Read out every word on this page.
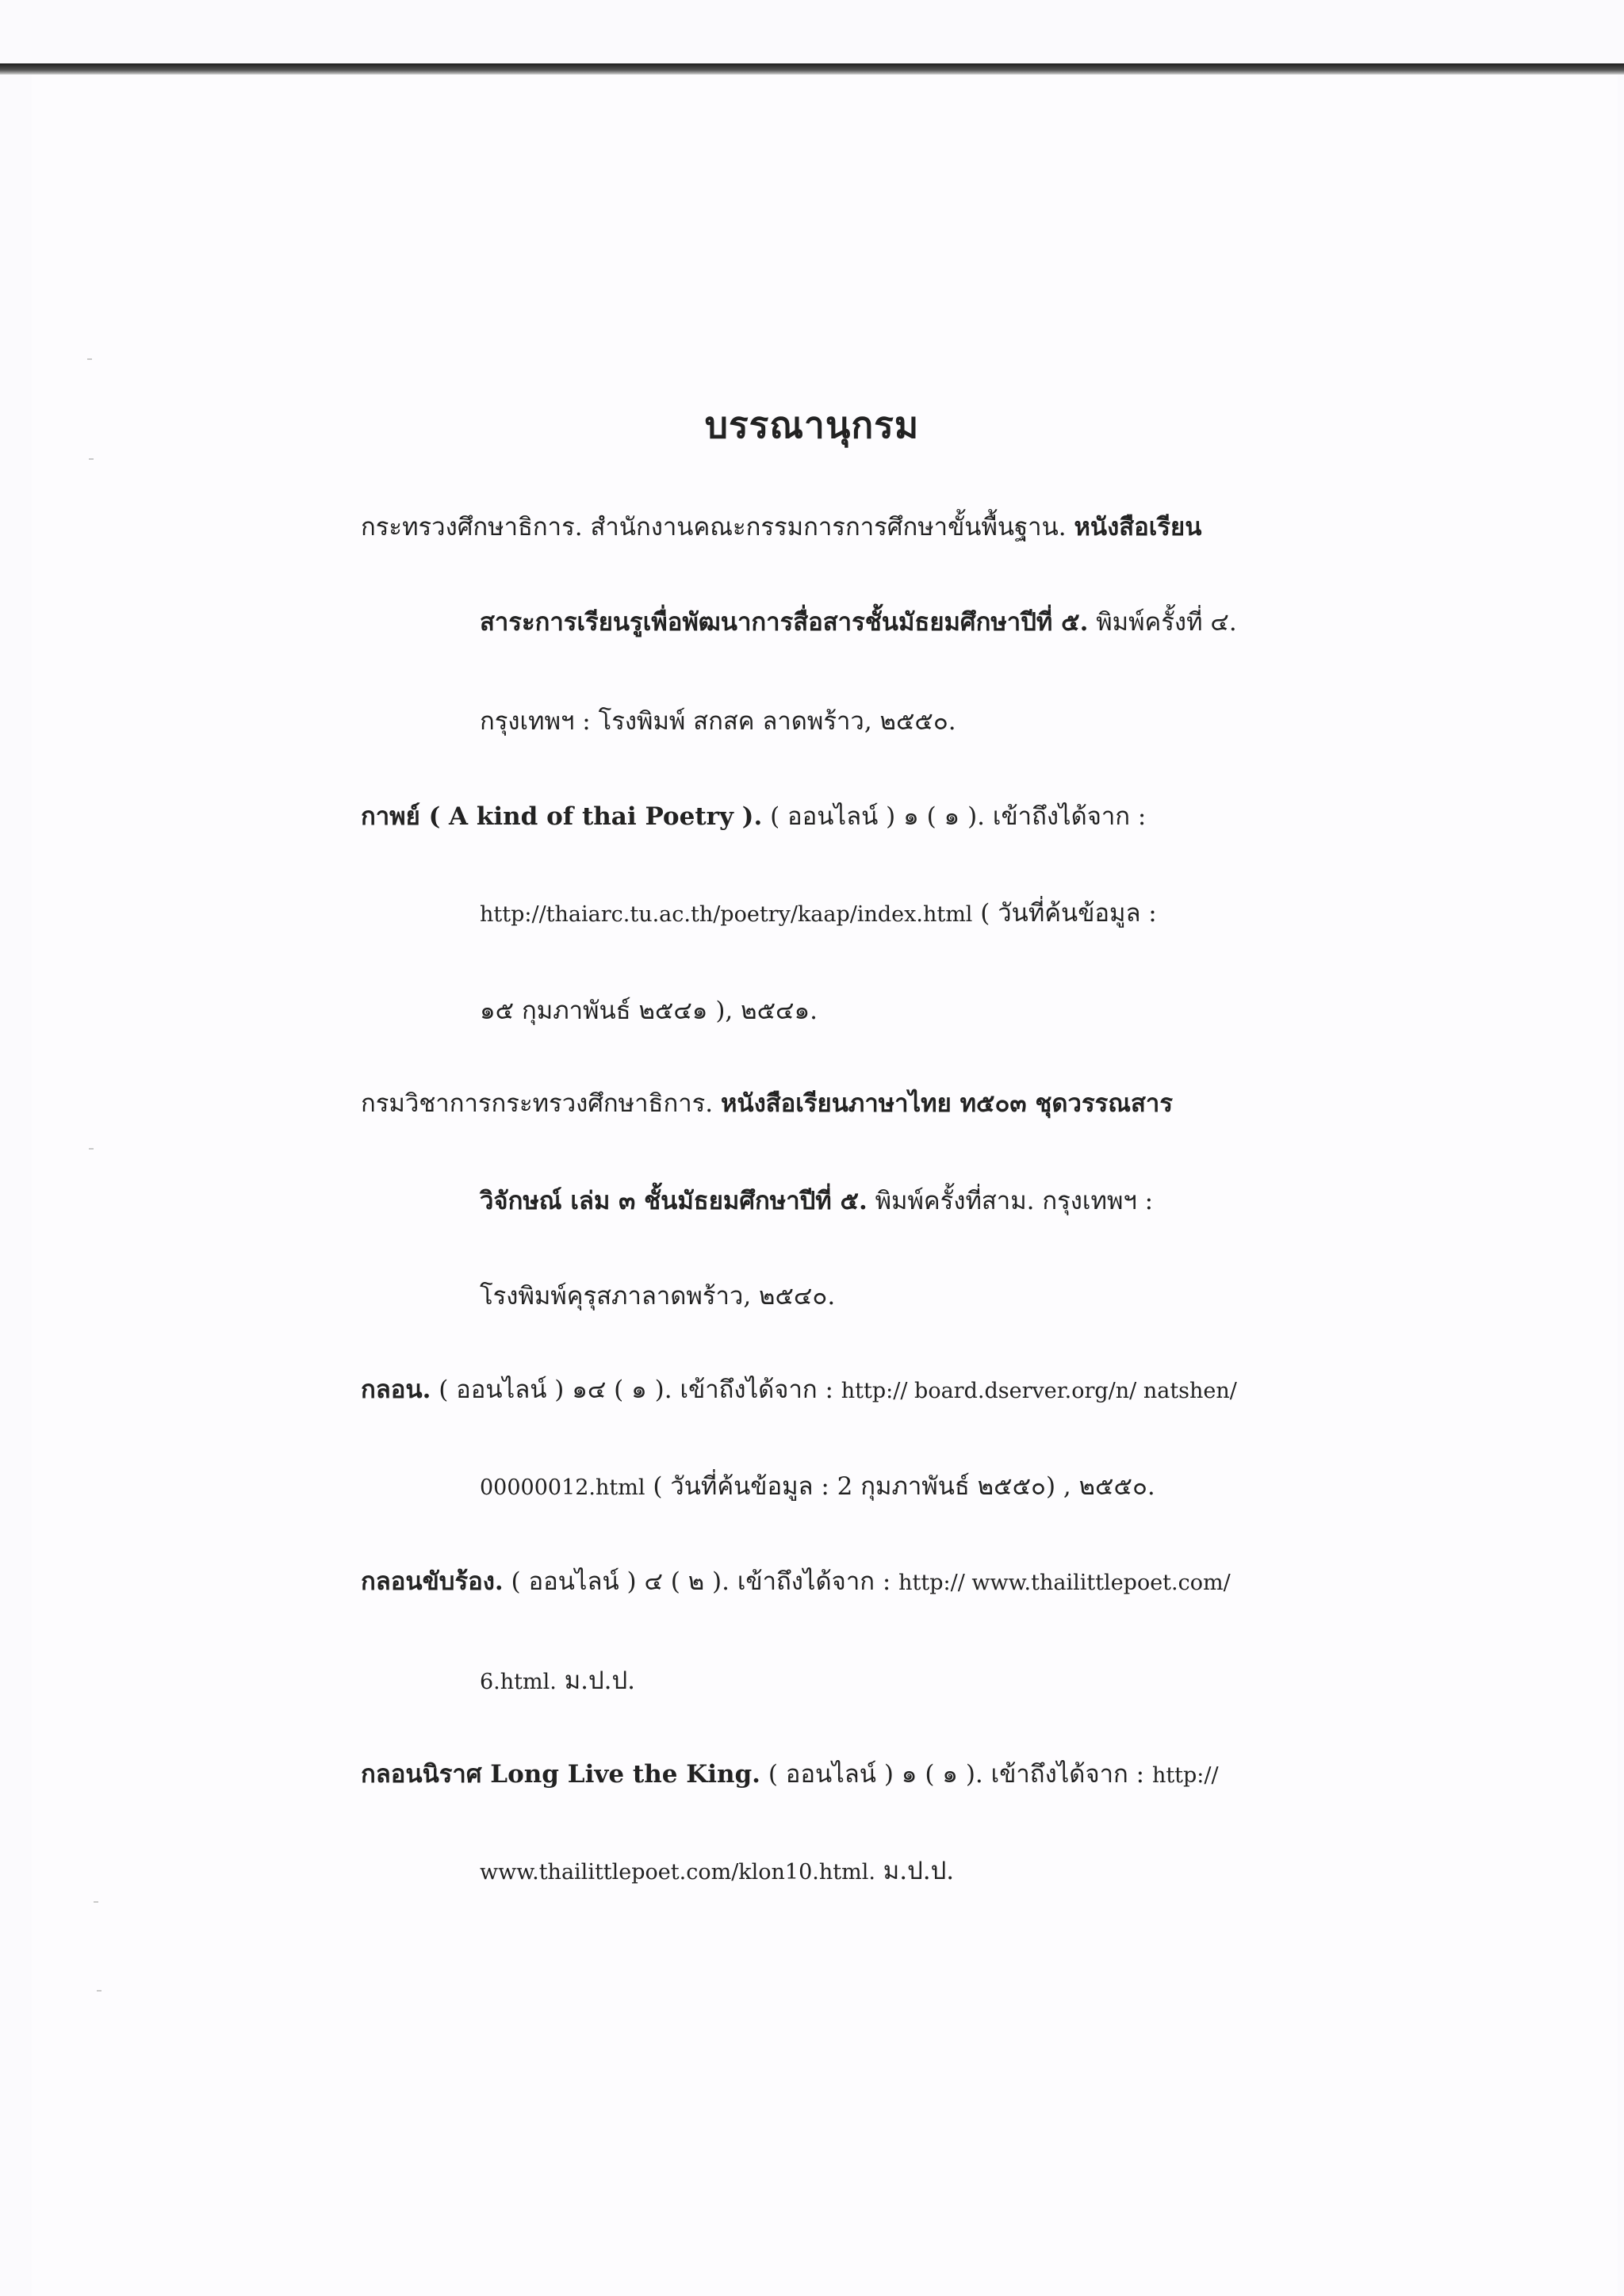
บรรณานุกรม
กระทรวงศึกษาธิการ. สำนักงานคณะกรรมการการศึกษาขั้นพื้นฐาน. หนังสือเรียน
สาระการเรียนรูเพื่อพัฒนาการสื่อสารชั้นมัธยมศึกษาปีที่ ๕. พิมพ์ครั้งที่ ๔.
กรุงเทพฯ : โรงพิมพ์ สกสค ลาดพร้าว, ๒๕๕๐.
กาพย์ ( A kind of thai Poetry ). ( ออนไลน์ ) ๑ ( ๑ ). เข้าถึงได้จาก :
http://thaiarc.tu.ac.th/poetry/kaap/index.html ( วันที่ค้นข้อมูล :
๑๕ กุมภาพันธ์ ๒๕๔๑ ), ๒๕๔๑.
กรมวิชาการกระทรวงศึกษาธิการ. หนังสือเรียนภาษาไทย ท๕๐๓ ชุดวรรณสาร
วิจักษณ์ เล่ม ๓ ชั้นมัธยมศึกษาปีที่ ๕. พิมพ์ครั้งที่สาม. กรุงเทพฯ :
โรงพิมพ์คุรุสภาลาดพร้าว, ๒๕๔๐.
กลอน. ( ออนไลน์ ) ๑๔ ( ๑ ). เข้าถึงได้จาก : http:// board.dserver.org/n/ natshen/
00000012.html ( วันที่ค้นข้อมูล : 2 กุมภาพันธ์ ๒๕๕๐) , ๒๕๕๐.
กลอนขับร้อง. ( ออนไลน์ ) ๔ ( ๒ ). เข้าถึงได้จาก : http:// www.thailittlepoet.com/
6.html. ม.ป.ป.
กลอนนิราศ Long Live the King. ( ออนไลน์ ) ๑ ( ๑ ). เข้าถึงได้จาก : http://
www.thailittlepoet.com/klon10.html. ม.ป.ป.
